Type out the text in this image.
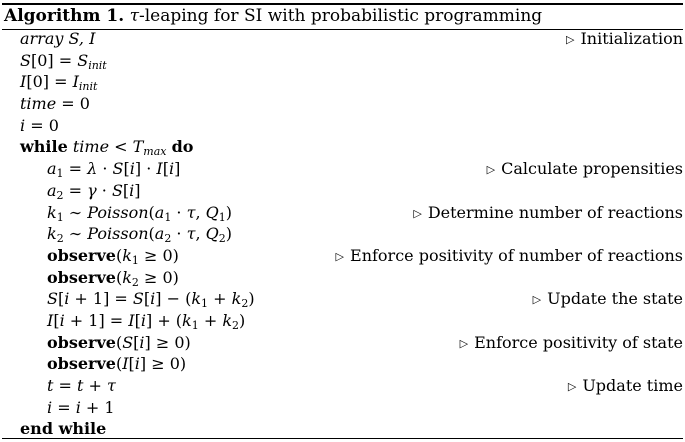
Algorithm 1. τ-leaping for SI with probabilistic programming
array S, I	▷ Initialization
$S[0] = S_{init}$
$I[0] = I_{init}$
time = 0
i = 0
while time < $T_{max}$ do
$a_1 = \lambda \cdot S[i] \cdot I[i]$	▷ Calculate propensities
$a_2 = \gamma \cdot S[i]$
$k_1$ ∼ $Poisson(a_1 \cdot \tau$, $Q_1$)	▷ Determine number of reactions
$k_2$ ∼ $Poisson(a_2 \cdot \tau$, $Q_2$)
$observe(k_1 \ge 0)$	▷ Enforce positivity of number of reactions
$observe(k_2 \ge 0)$
$S[i + 1] = S[i] - (k_1 + k_2)$	▷ Update the state
$I[i + 1] = I[i] + (k_1 + k_2)$
observe(S[i] ≥ 0)	▷ Enforce positivity of state
observe(I[i] ≥ 0)
t = t + τ	▷ Update time
i = i + 1
end while
